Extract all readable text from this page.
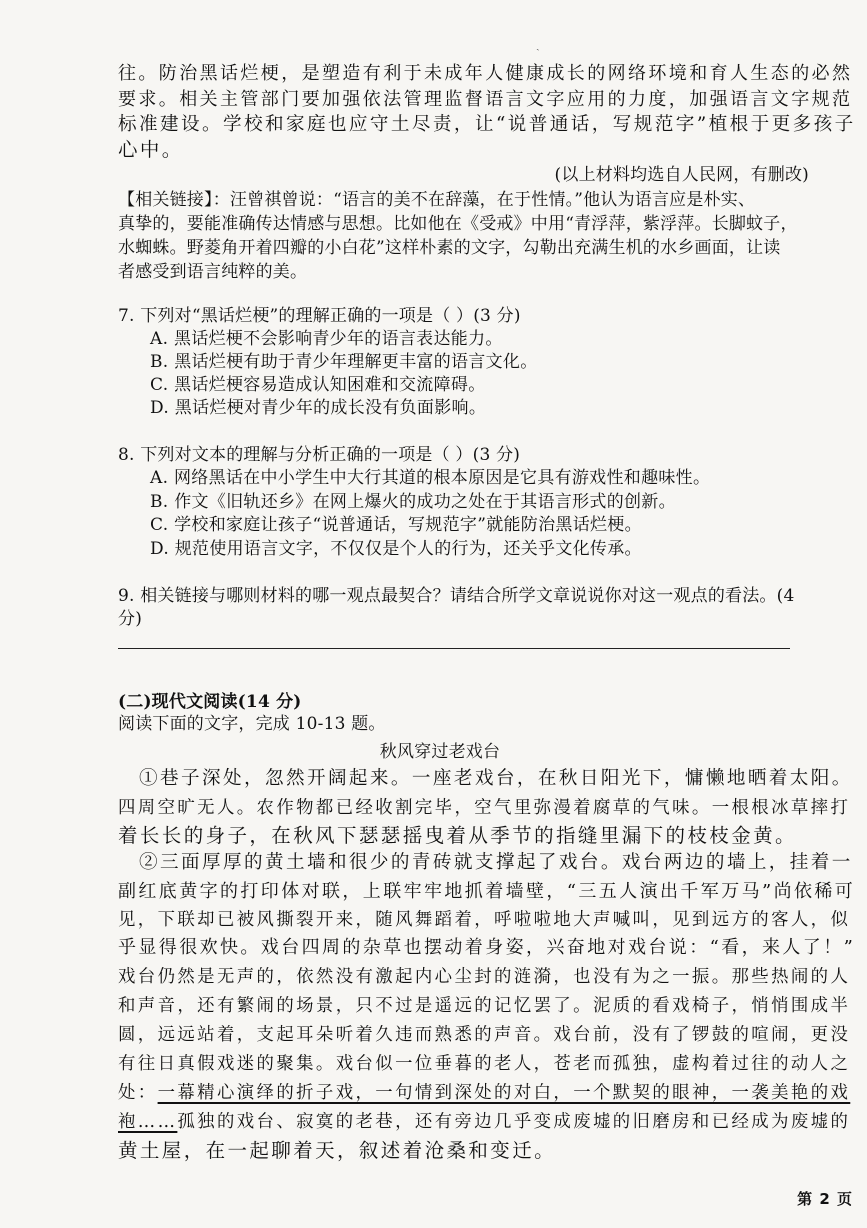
ˎ
往。防治黑话烂梗，是塑造有利于未成年人健康成长的网络环境和育人生态的必然
要求。相关主管部门要加强依法管理监督语言文字应用的力度，加强语言文字规范
标准建设。学校和家庭也应守土尽责，让“说普通话，写规范字”植根于更多孩子
心中。
(以上材料均选自人民网，有删改)
【相关链接】：汪曾祺曾说：“语言的美不在辞藻，在于性情。”他认为语言应是朴实、
真挚的，要能准确传达情感与思想。比如他在《受戒》中用“青浮萍，紫浮萍。长脚蚊子，
水蜘蛛。野菱角开着四瓣的小白花”这样朴素的文字，勾勒出充满生机的水乡画面，让读
者感受到语言纯粹的美。
7. 下列对“黑话烂梗”的理解正确的一项是（ ）(3 分)
A. 黑话烂梗不会影响青少年的语言表达能力。
B. 黑话烂梗有助于青少年理解更丰富的语言文化。
C. 黑话烂梗容易造成认知困难和交流障碍。
D. 黑话烂梗对青少年的成长没有负面影响。
8. 下列对文本的理解与分析正确的一项是（ ）(3 分)
A. 网络黑话在中小学生中大行其道的根本原因是它具有游戏性和趣味性。
B. 作文《旧轨还乡》在网上爆火的成功之处在于其语言形式的创新。
C. 学校和家庭让孩子“说普通话，写规范字”就能防治黑话烂梗。
D. 规范使用语言文字，不仅仅是个人的行为，还关乎文化传承。
9. 相关链接与哪则材料的哪一观点最契合？请结合所学文章说说你对这一观点的看法。(4
分)
(二)现代文阅读(14 分)
阅读下面的文字，完成 10-13 题。
秋风穿过老戏台
　①巷子深处，忽然开阔起来。一座老戏台，在秋日阳光下，慵懒地晒着太阳。
四周空旷无人。农作物都已经收割完毕，空气里弥漫着腐草的气味。一根根冰草摔打
着长长的身子，在秋风下瑟瑟摇曳着从季节的指缝里漏下的枝枝金黄。
　②三面厚厚的黄土墙和很少的青砖就支撑起了戏台。戏台两边的墙上，挂着一
副红底黄字的打印体对联，上联牢牢地抓着墙壁，“三五人演出千军万马”尚依稀可
见，下联却已被风撕裂开来，随风舞蹈着，呼啦啦地大声喊叫，见到远方的客人，似
乎显得很欢快。戏台四周的杂草也摆动着身姿，兴奋地对戏台说：“看，来人了！”
戏台仍然是无声的，依然没有激起内心尘封的涟漪，也没有为之一振。那些热闹的人
和声音，还有繁闹的场景，只不过是遥远的记忆罢了。泥质的看戏椅子，悄悄围成半
圆，远远站着，支起耳朵听着久违而熟悉的声音。戏台前，没有了锣鼓的喧闹，更没
有往日真假戏迷的聚集。戏台似一位垂暮的老人，苍老而孤独，虚构着过往的动人之
处：一幕精心演绎的折子戏，一句情到深处的对白，一个默契的眼神，一袭美艳的戏
袍……孤独的戏台、寂寞的老巷，还有旁边几乎变成废墟的旧磨房和已经成为废墟的
黄土屋，在一起聊着天，叙述着沧桑和变迁。
第 2 页
